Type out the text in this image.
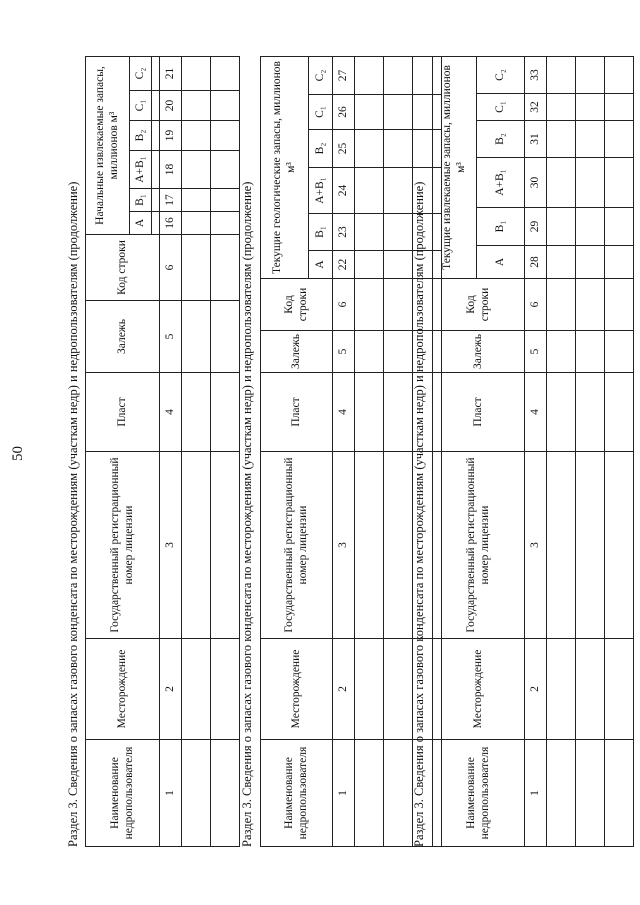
50	Раздел 3. Сведения о запасах газового конденсата по месторождениям (участкам недр) и недропользователям (продолжение)	Наименование недропользователя	Месторождение	Государственный регистрационный номер лицензии	Пласт	Залежь	Код строки	Начальные извлекаемые запасы, миллионов м³					
						А	B₁	А+B₁	B₂	C₁	C₂

1	2	3	4	5	6	16	17	18	19	20	21

Раздел 3. Сведения о запасах газового конденсата по месторождениям (участкам недр) и недропользователям (продолжение)	Наименование недропользователя	Месторождение	Государственный регистрационный номер лицензии	Пласт	Залежь	Код строки	Текущие геологические запасы, миллионов м³					
						А	B₁	А+B₁	B₂	C₁	C₂
1	2	3	4	5	6	22	23	24	25	26	27

Раздел 3. Сведения о запасах газового конденсата по месторождениям (участкам недр) и недропользователям (продолжение)	Наименование недропользователя	Месторождение	Государственный регистрационный номер лицензии	Пласт	Залежь	Код строки	Текущие извлекаемые запасы, миллионов м³					
						А	B₁	А+B₁	B₂	C₁	C₂
1	2	3	4	5	6	28	29	30	31	32	33
